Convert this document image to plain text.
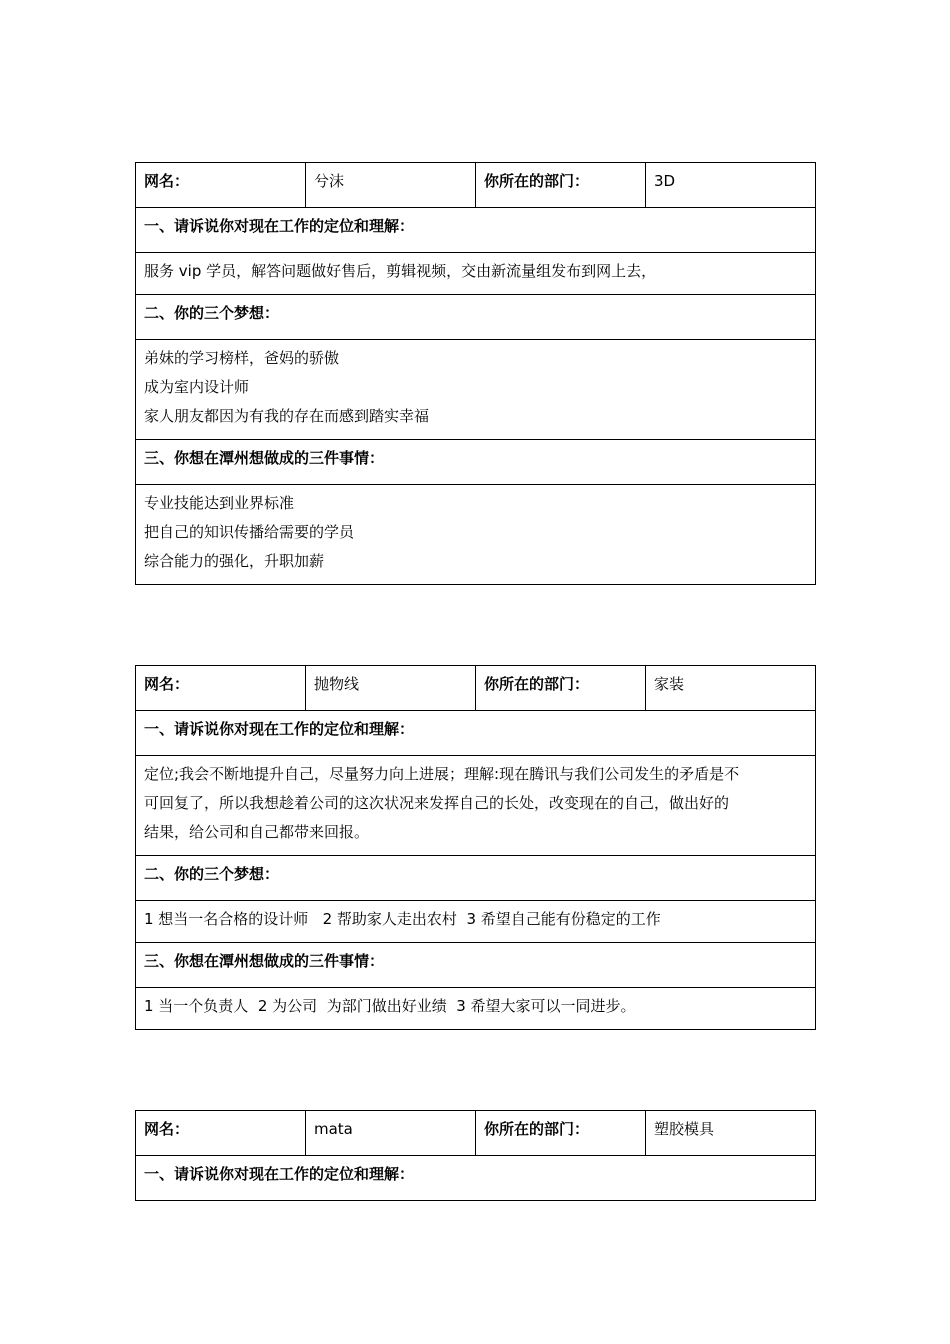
网名：	兮沫	你所在的部门：	3D
一、请诉说你对现在工作的定位和理解：

服务 vip 学员，解答问题做好售后，剪辑视频，交由新流量组发布到网上去，

二、你的三个梦想：

弟妹的学习榜样，爸妈的骄傲
成为室内设计师
家人朋友都因为有我的存在而感到踏实幸福

三、你想在潭州想做成的三件事情：

专业技能达到业界标准
把自己的知识传播给需要的学员
综合能力的强化，升职加薪
网名：	抛物线	你所在的部门：	家装
一、请诉说你对现在工作的定位和理解：

定位;我会不断地提升自己，尽量努力向上进展；理解:现在腾讯与我们公司发生的矛盾是不
可回复了，所以我想趁着公司的这次状况来发挥自己的长处，改变现在的自己，做出好的
结果，给公司和自己都带来回报。

二、你的三个梦想：

1 想当一名合格的设计师   2 帮助家人走出农村  3 希望自己能有份稳定的工作

三、你想在潭州想做成的三件事情：

1 当一个负责人  2 为公司  为部门做出好业绩  3 希望大家可以一同进步。
网名：	mata	你所在的部门：	塑胶模具
一、请诉说你对现在工作的定位和理解：
